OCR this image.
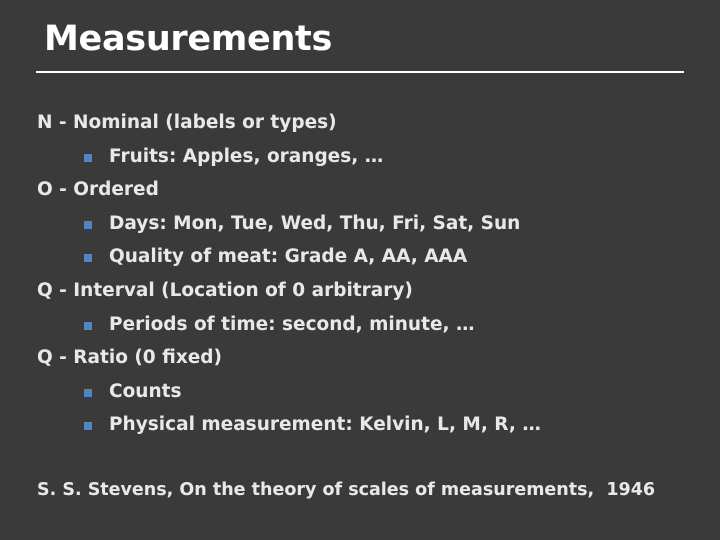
Measurements
N - Nominal (labels or types)
Fruits: Apples, oranges, …
O - Ordered
Days: Mon, Tue, Wed, Thu, Fri, Sat, Sun
Quality of meat: Grade A, AA, AAA
Q - Interval (Location of 0 arbitrary)
Periods of time: second, minute, …
Q - Ratio (0 fixed)
Counts
Physical measurement: Kelvin, L, M, R, …
S. S. Stevens, On the theory of scales of measurements,  1946
